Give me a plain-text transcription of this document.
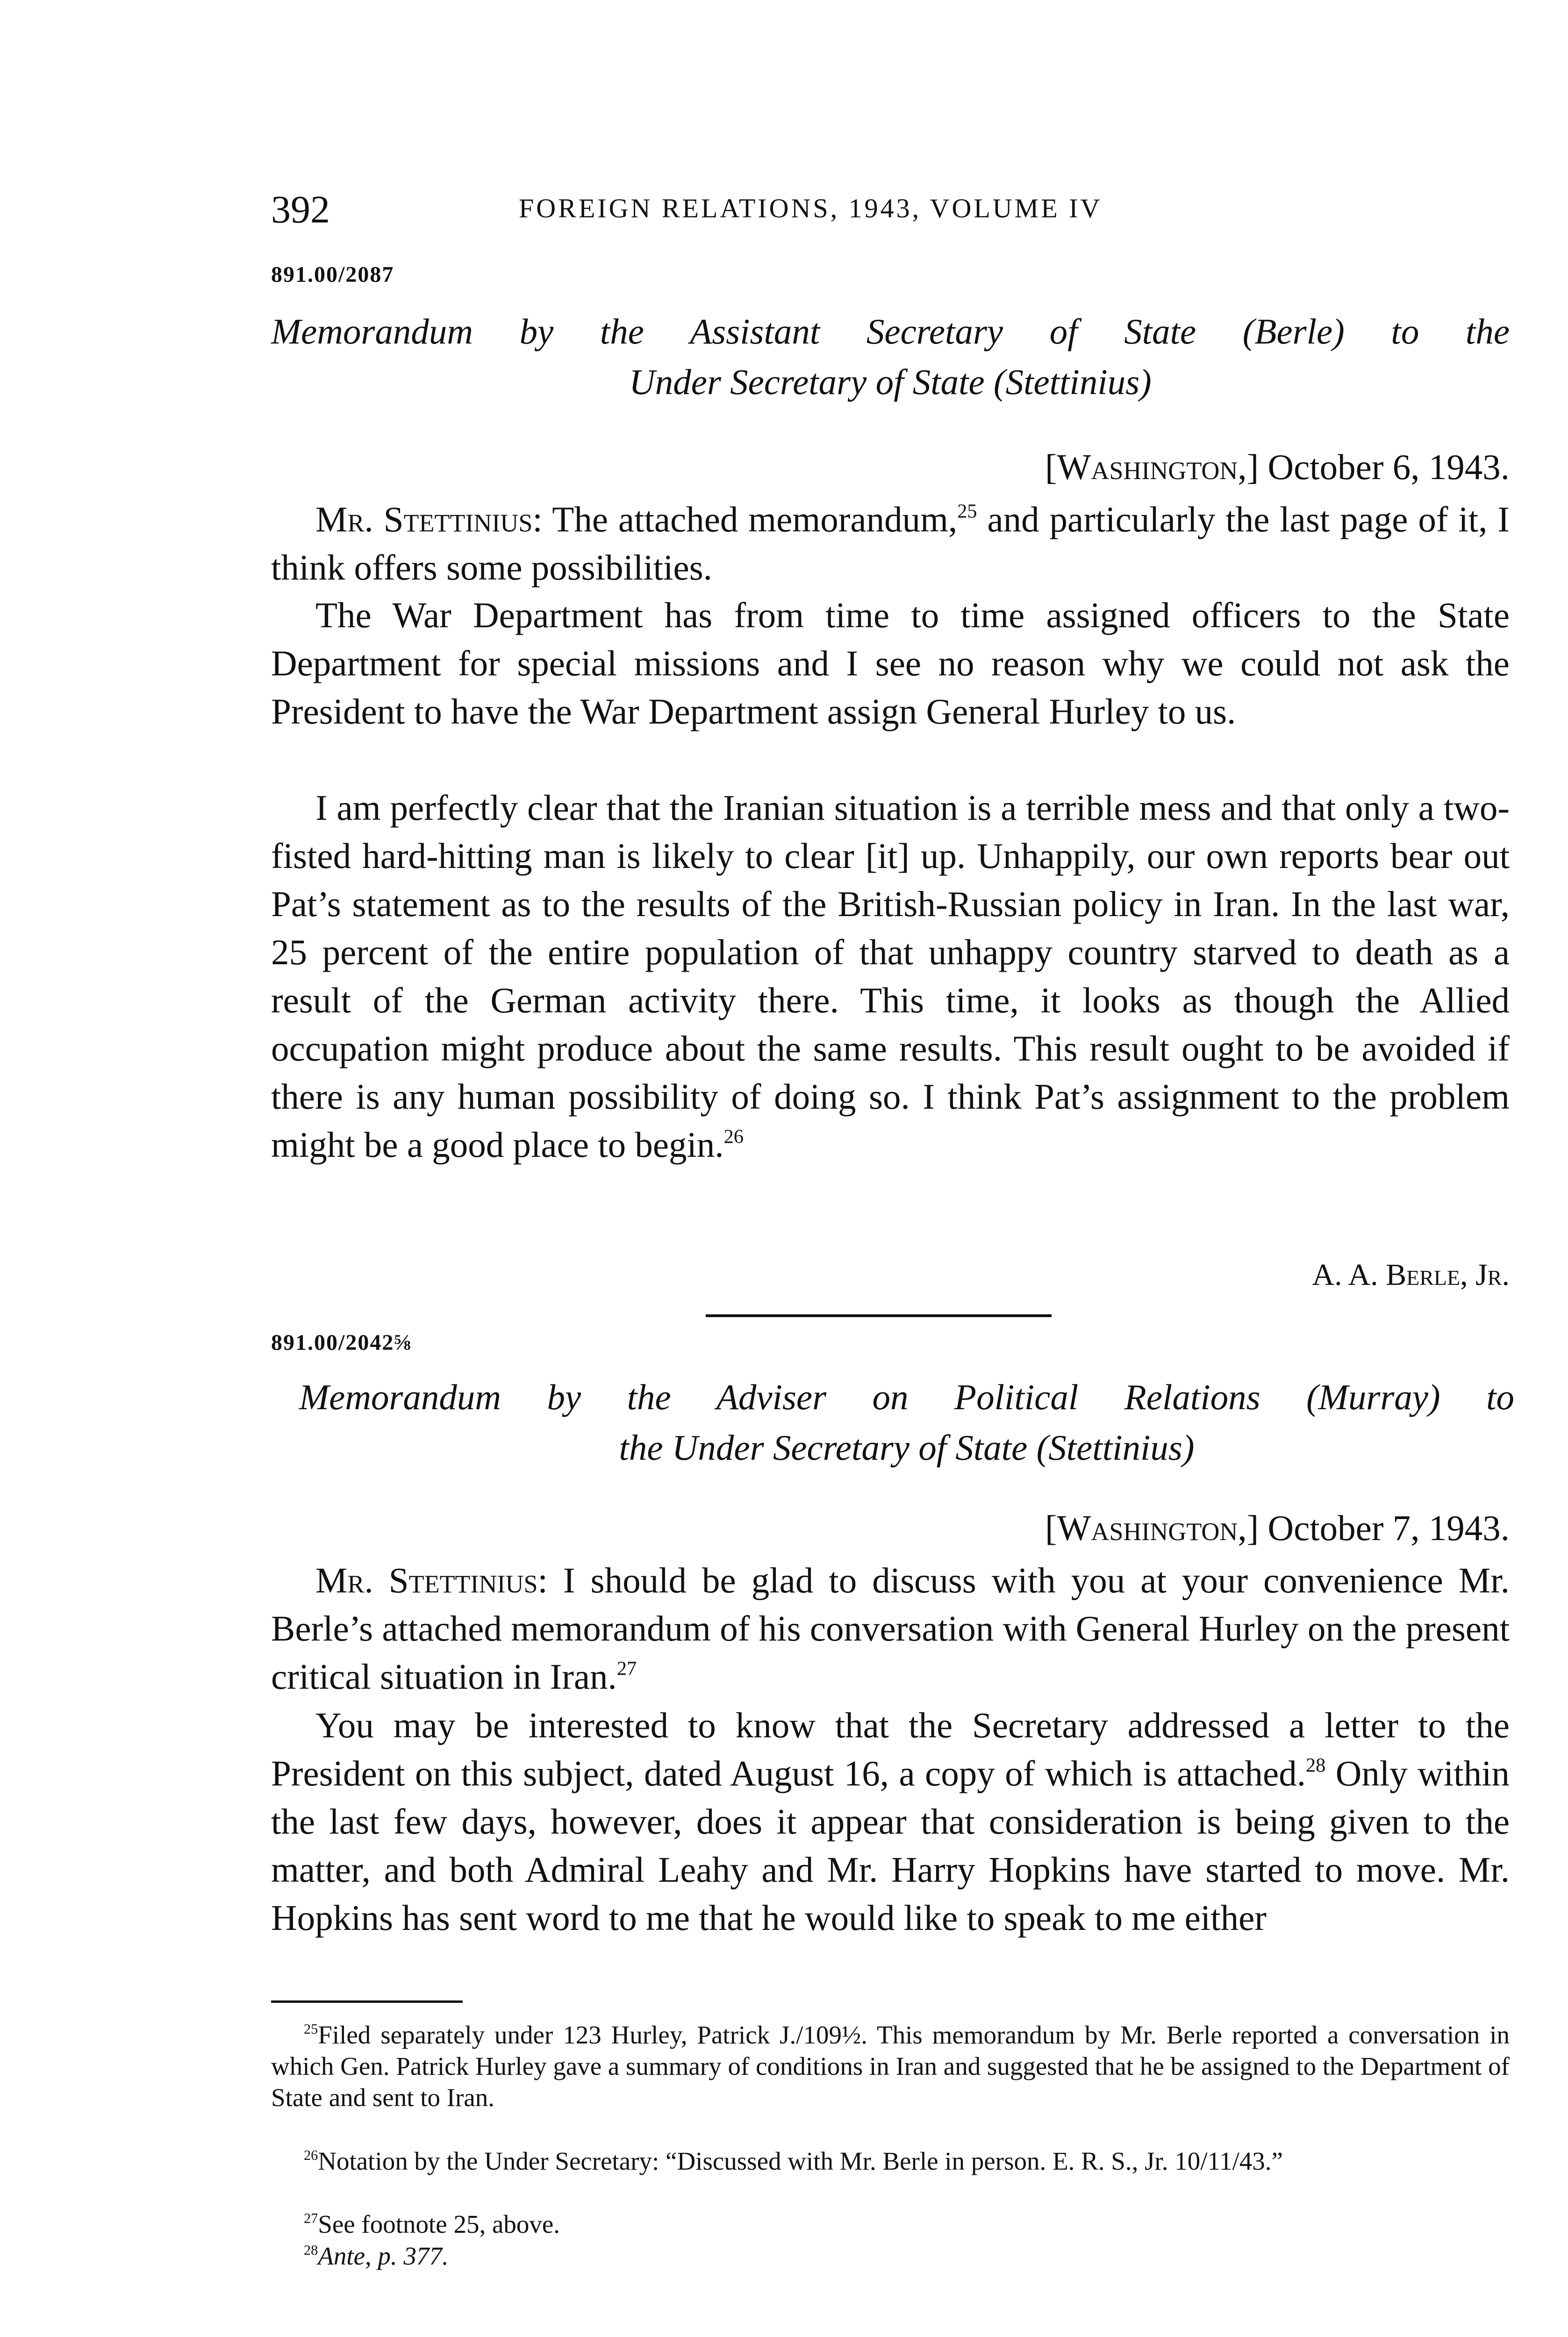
392	FOREIGN RELATIONS, 1943, VOLUME IV
891.00/2087
Memorandum by the Assistant Secretary of State (Berle) to the
Under Secretary of State (Stettinius)
[Washington,] October 6, 1943.

Mr. Stettinius: The attached memorandum,$^{25}$ and particularly the last page of it, I think offers some possibilities.

The War Department has from time to time assigned officers to the State Department for special missions and I see no reason why we could not ask the President to have the War Department assign General Hurley to us.

I am perfectly clear that the Iranian situation is a terrible mess and that only a two-fisted hard-hitting man is likely to clear [it] up. Unhappily, our own reports bear out Pat’s statement as to the results of the British-Russian policy in Iran. In the last war, 25 percent of the entire population of that unhappy country starved to death as a result of the German activity there. This time, it looks as though the Allied occupation might produce about the same results. This result ought to be avoided if there is any human possibility of doing so. I think Pat’s assignment to the problem might be a good place to begin.$^{26}$

A. A. Berle, Jr.
891.00/2042⅝
Memorandum by the Adviser on Political Relations (Murray) to
the Under Secretary of State (Stettinius)
[Washington,] October 7, 1943.

Mr. Stettinius: I should be glad to discuss with you at your convenience Mr. Berle’s attached memorandum of his conversation with General Hurley on the present critical situation in Iran.$^{27}$

You may be interested to know that the Secretary addressed a letter to the President on this subject, dated August 16, a copy of which is attached.$^{28}$ Only within the last few days, however, does it appear that consideration is being given to the matter, and both Admiral Leahy and Mr. Harry Hopkins have started to move. Mr. Hopkins has sent word to me that he would like to speak to me either

$^{25}$Filed separately under 123 Hurley, Patrick J./109½. This memorandum by Mr. Berle reported a conversation in which Gen. Patrick Hurley gave a summary of conditions in Iran and suggested that he be assigned to the Department of State and sent to Iran.

$^{26}$Notation by the Under Secretary: “Discussed with Mr. Berle in person. E. R. S., Jr. 10/11/43.”

$^{27}$See footnote 25, above.

$^{28}$Ante, p. 377.
